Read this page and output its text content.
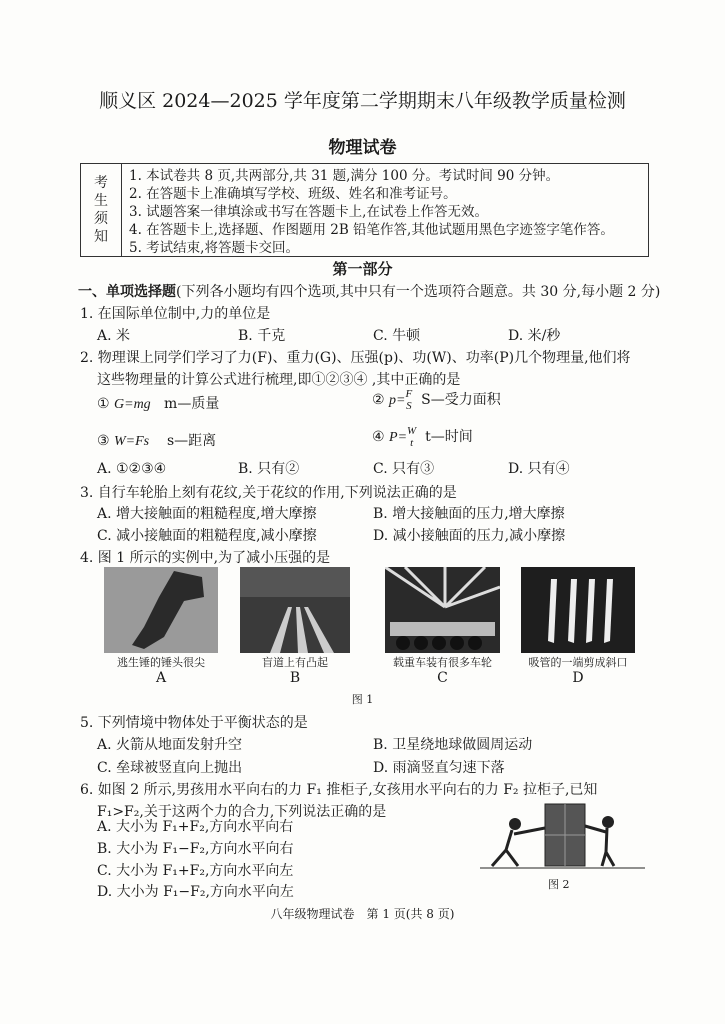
顺义区 2024—2025 学年度第二学期期末八年级教学质量检测
物理试卷
考
生
须
知
1. 本试卷共 8 页,共两部分,共 31 题,满分 100 分。考试时间 90 分钟。
2. 在答题卡上准确填写学校、班级、姓名和准考证号。
3. 试题答案一律填涂或书写在答题卡上,在试卷上作答无效。
4. 在答题卡上,选择题、作图题用 2B 铅笔作答,其他试题用黑色字迹签字笔作答。
5. 考试结束,将答题卡交回。
第一部分
一、单项选择题(下列各小题均有四个选项,其中只有一个选项符合题意。共 30 分,每小题 2 分)
1. 在国际单位制中,力的单位是
A. 米	B. 千克	C. 牛顿	D. 米/秒
2. 物理课上同学们学习了力(F)、重力(G)、压强(p)、功(W)、功率(P)几个物理量,他们将
这些物理量的计算公式进行梳理,即①②③④ ,其中正确的是
① G=mg m—质量	② p= F
S S—受力面积
③ W=Fs s—距离	④ P= W
t t—时间
A. ①②③④	B. 只有②	C. 只有③	D. 只有④
3. 自行车轮胎上刻有花纹,关于花纹的作用,下列说法正确的是
A. 增大接触面的粗糙程度,增大摩擦	B. 增大接触面的压力,增大摩擦
C. 减小接触面的粗糙程度,减小摩擦	D. 减小接触面的压力,减小摩擦
4. 图 1 所示的实例中,为了减小压强的是
逃生锤的锤头很尖	盲道上有凸起	载重车装有很多车轮	吸管的一端剪成斜口
A	B	C	D
图 1
5. 下列情境中物体处于平衡状态的是
A. 火箭从地面发射升空	B. 卫星绕地球做圆周运动
C. 垒球被竖直向上抛出	D. 雨滴竖直匀速下落
6. 如图 2 所示,男孩用水平向右的力 F₁ 推柜子,女孩用水平向右的力 F₂ 拉柜子,已知
F₁>F₂,关于这两个力的合力,下列说法正确的是
A. 大小为 F₁+F₂,方向水平向右
B. 大小为 F₁−F₂,方向水平向右
C. 大小为 F₁+F₂,方向水平向左
D. 大小为 F₁−F₂,方向水平向左	图 2
八年级物理试卷　第 1 页(共 8 页)
